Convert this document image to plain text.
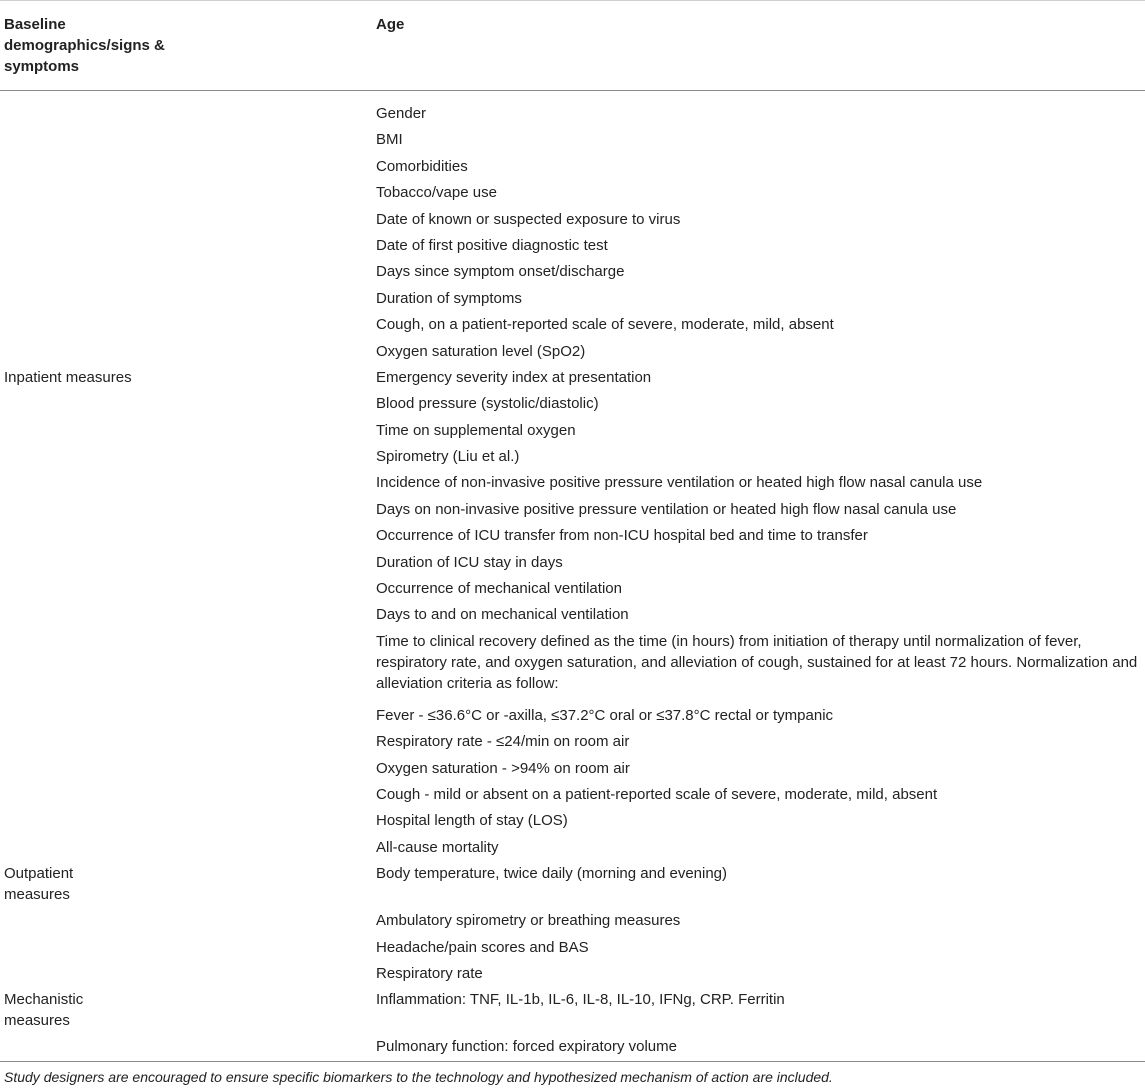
Baseline demographics/signs & symptoms
Age
Gender
BMI
Comorbidities
Tobacco/vape use
Date of known or suspected exposure to virus
Date of first positive diagnostic test
Days since symptom onset/discharge
Duration of symptoms
Cough, on a patient-reported scale of severe, moderate, mild, absent
Oxygen saturation level (SpO2)
Inpatient measures	Emergency severity index at presentation
Blood pressure (systolic/diastolic)
Time on supplemental oxygen
Spirometry (Liu et al.)
Incidence of non-invasive positive pressure ventilation or heated high flow nasal canula use
Days on non-invasive positive pressure ventilation or heated high flow nasal canula use
Occurrence of ICU transfer from non-ICU hospital bed and time to transfer
Duration of ICU stay in days
Occurrence of mechanical ventilation
Days to and on mechanical ventilation
Time to clinical recovery defined as the time (in hours) from initiation of therapy until normalization of fever, respiratory rate, and oxygen saturation, and alleviation of cough, sustained for at least 72 hours. Normalization and alleviation criteria as follow:
Fever - ≤36.6°C or -axilla, ≤37.2°C oral or ≤37.8°C rectal or tympanic
Respiratory rate - ≤24/min on room air
Oxygen saturation - >94% on room air
Cough - mild or absent on a patient-reported scale of severe, moderate, mild, absent
Hospital length of stay (LOS)
All-cause mortality
Outpatient measures
Body temperature, twice daily (morning and evening)
Ambulatory spirometry or breathing measures
Headache/pain scores and BAS
Respiratory rate
Mechanistic measures
Inflammation: TNF, IL-1b, IL-6, IL-8, IL-10, IFNg, CRP. Ferritin
Pulmonary function: forced expiratory volume
Study designers are encouraged to ensure specific biomarkers to the technology and hypothesized mechanism of action are included.
